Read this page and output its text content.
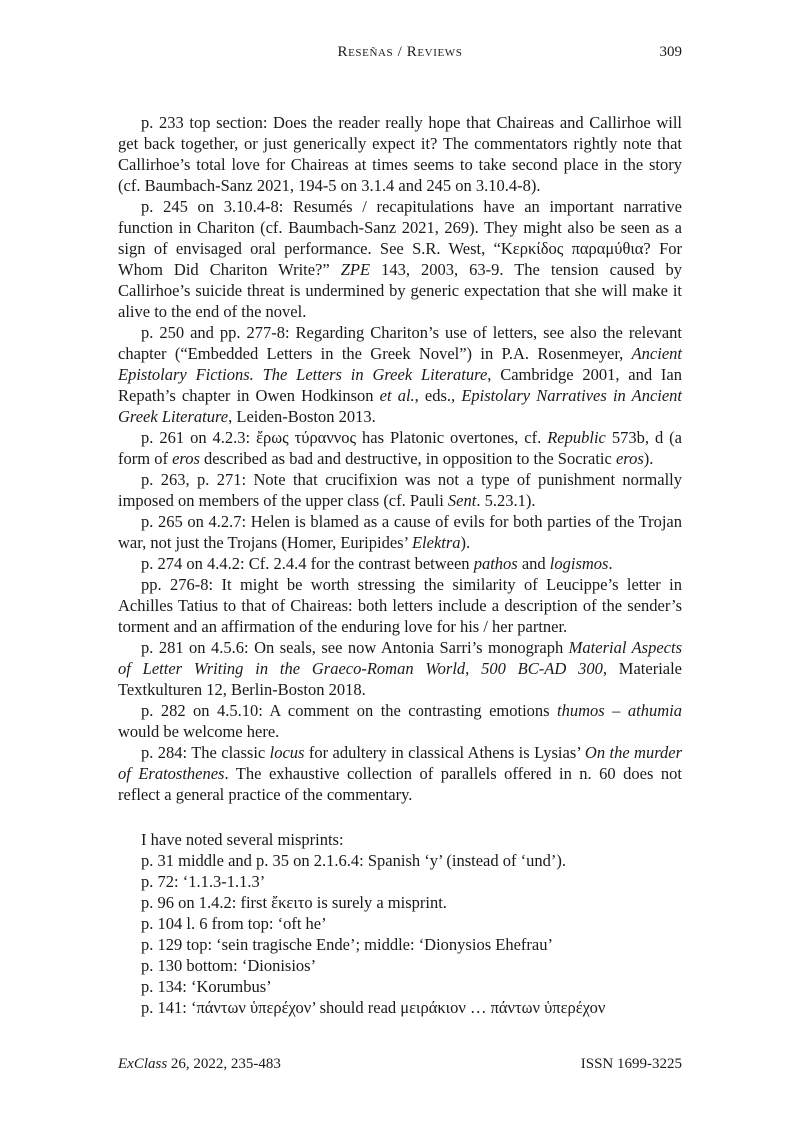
Reseñas / Reviews	309

p. 233 top section: Does the reader really hope that Chaireas and Callirhoe will get back together, or just generically expect it? The commentators rightly note that Callirhoe’s total love for Chaireas at times seems to take second place in the story (cf. Baumbach-Sanz 2021, 194-5 on 3.1.4 and 245 on 3.10.4-8).

p. 245 on 3.10.4-8: Resumés / recapitulations have an important narrative function in Chariton (cf. Baumbach-Sanz 2021, 269). They might also be seen as a sign of envisaged oral performance. See S.R. West, “Κερκίδος παραμύθια? For Whom Did Chariton Write?” ZPE 143, 2003, 63-9. The tension caused by Callirhoe’s suicide threat is undermined by generic expectation that she will make it alive to the end of the novel.

p. 250 and pp. 277-8: Regarding Chariton’s use of letters, see also the relevant chapter (“Embedded Letters in the Greek Novel”) in P.A. Rosenmeyer, Ancient Epistolary Fictions. The Letters in Greek Literature, Cambridge 2001, and Ian Repath’s chapter in Owen Hodkinson et al., eds., Epistolary Narratives in Ancient Greek Literature, Leiden-Boston 2013.

p. 261 on 4.2.3: ἔρως τύραννος has Platonic overtones, cf. Republic 573b, d (a form of eros described as bad and destructive, in opposition to the Socratic eros).

p. 263, p. 271: Note that crucifixion was not a type of punishment normally imposed on members of the upper class (cf. Pauli Sent. 5.23.1).

p. 265 on 4.2.7: Helen is blamed as a cause of evils for both parties of the Trojan war, not just the Trojans (Homer, Euripides’ Elektra).

p. 274 on 4.4.2: Cf. 2.4.4 for the contrast between pathos and logismos.

pp. 276-8: It might be worth stressing the similarity of Leucippe’s letter in Achilles Tatius to that of Chaireas: both letters include a description of the sender’s torment and an affirmation of the enduring love for his / her partner.

p. 281 on 4.5.6: On seals, see now Antonia Sarri’s monograph Material Aspects of Letter Writing in the Graeco-Roman World, 500 BC-AD 300, Materiale Textkulturen 12, Berlin-Boston 2018.

p. 282 on 4.5.10: A comment on the contrasting emotions thumos – athumia would be welcome here.

p. 284: The classic locus for adultery in classical Athens is Lysias’ On the murder of Eratosthenes. The exhaustive collection of parallels offered in n. 60 does not reflect a general practice of the commentary.

I have noted several misprints:

p. 31 middle and p. 35 on 2.1.6.4: Spanish ‘y’ (instead of ‘und’).

p. 72: ‘1.1.3-1.1.3’

p. 96 on 1.4.2: first ἔκειτο is surely a misprint.

p. 104 l. 6 from top: ‘oft he’

p. 129 top: ‘sein tragische Ende’; middle: ‘Dionysios Ehefrau’

p. 130 bottom: ‘Dionisios’

p. 134: ‘Korumbus’

p. 141: ‘πάντων ὑπερέχον’ should read μειράκιον … πάντων ὑπερέχον

ExClass 26, 2022, 235-483	ISSN 1699-3225
